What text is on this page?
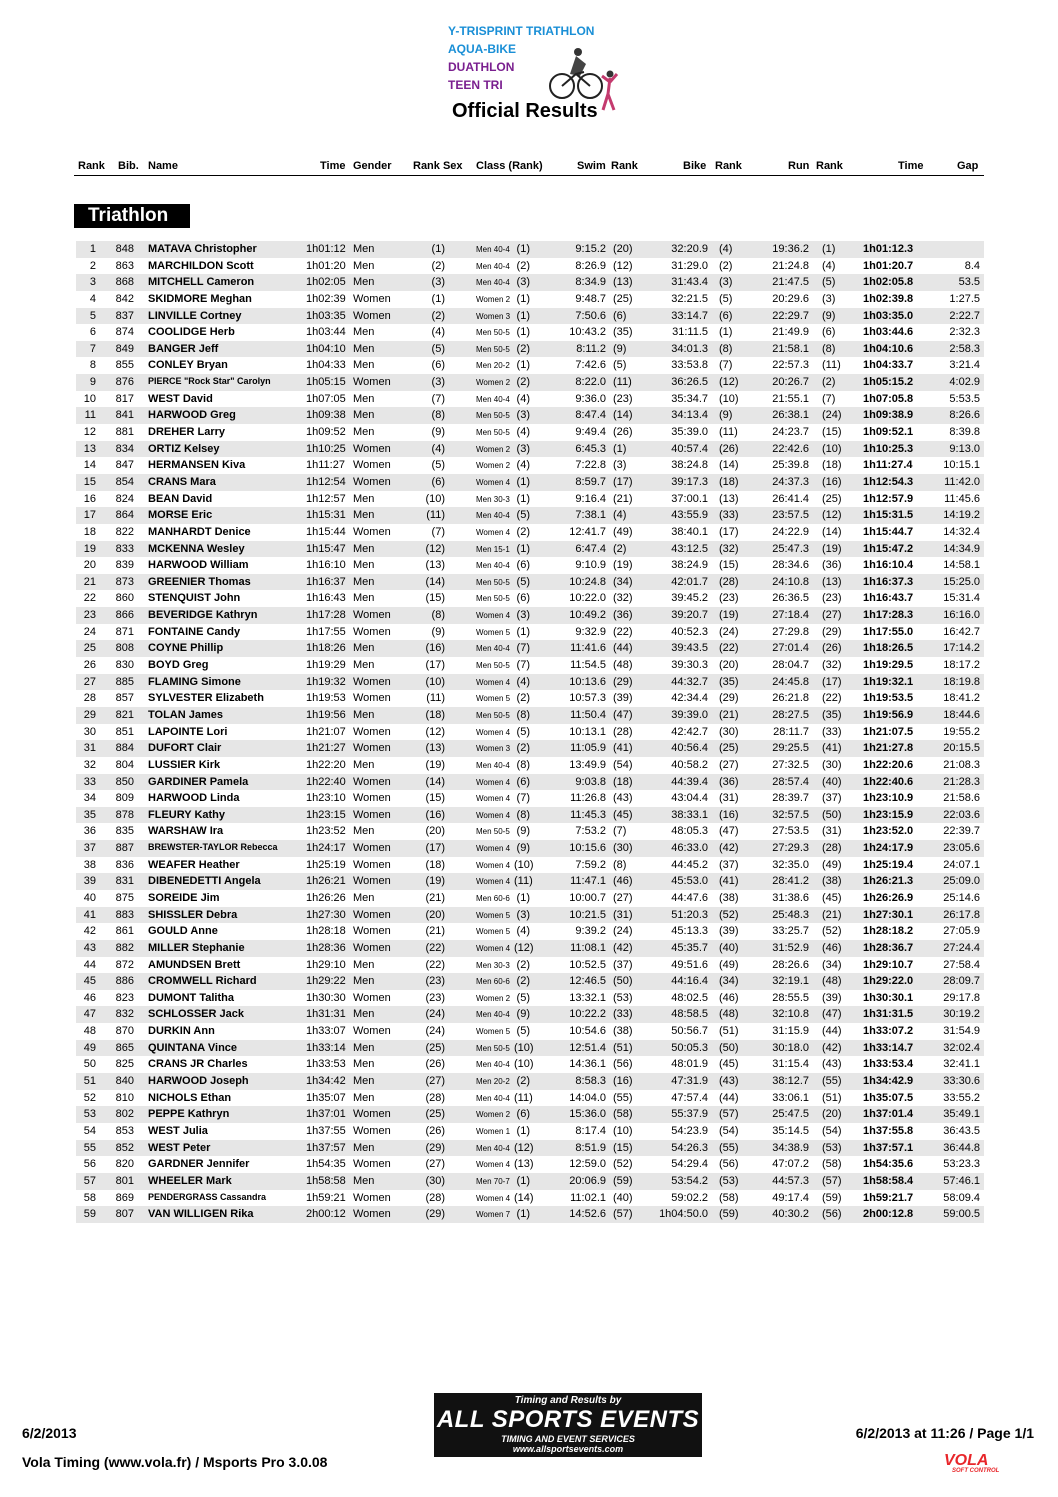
Y-TRISPRINT TRIATHLON
AQUA-BIKE
DUATHLON
TEEN TRI
Official Results
Rank Bib. Name	Time Gender Rank Sex Class (Rank)	Swim Rank	Bike Rank	Run Rank	Time	Gap
Triathlon
1	848 MATAVA Christopher	1h01:12 Men	(1)	Men 40-4 (1)	9:15.2 (20)	32:20.9 (4)	19:36.2 (1)	1h01:12.3
2	863 MARCHILDON Scott	1h01:20 Men	(2)	Men 40-4 (2)	8:26.9 (12)	31:29.0 (2)	21:24.8 (4)	1h01:20.7	8.4
3	868 MITCHELL Cameron	1h02:05 Men	(3)	Men 40-4 (3)	8:34.9 (13)	31:43.4 (3)	21:47.5 (5)	1h02:05.8	53.5
4	842 SKIDMORE Meghan	1h02:39 Women	(1)	Women 2 (1)	9:48.7 (25)	32:21.5 (5)	20:29.6 (3)	1h02:39.8	1:27.5
5	837 LINVILLE Cortney	1h03:35 Women	(2)	Women 3 (1)	7:50.6 (6)	33:14.7 (6)	22:29.7 (9)	1h03:35.0	2:22.7
6	874 COOLIDGE Herb	1h03:44 Men	(4)	Men 50-5 (1)	10:43.2 (35)	31:11.5 (1)	21:49.9 (6)	1h03:44.6	2:32.3
7	849 BANGER Jeff	1h04:10 Men	(5)	Men 50-5 (2)	8:11.2 (9)	34:01.3 (8)	21:58.1 (8)	1h04:10.6	2:58.3
8	855 CONLEY Bryan	1h04:33 Men	(6)	Men 20-2 (1)	7:42.6 (5)	33:53.8 (7)	22:57.3 (11) 1h04:33.7	3:21.4
9	876 PIERCE "Rock Star" Carolyn	1h05:15 Women	(3)	Women 2 (2)	8:22.0 (11)	36:26.5 (12)	20:26.7 (2)	1h05:15.2	4:02.9
10	817 WEST David	1h07:05 Men	(7)	Men 40-4 (4)	9:36.0 (23)	35:34.7 (10)	21:55.1 (7)	1h07:05.8	5:53.5
11	841 HARWOOD Greg	1h09:38 Men	(8)	Men 50-5 (3)	8:47.4 (14)	34:13.4 (9)	26:38.1 (24) 1h09:38.9	8:26.6
12	881 DREHER Larry	1h09:52 Men	(9)	Men 50-5 (4)	9:49.4 (26)	35:39.0 (11)	24:23.7 (15) 1h09:52.1	8:39.8
13	834 ORTIZ Kelsey	1h10:25 Women	(4)	Women 2 (3)	6:45.3 (1)	40:57.4 (26)	22:42.6 (10) 1h10:25.3	9:13.0
14	847 HERMANSEN Kiva	1h11:27 Women	(5)	Women 2 (4)	7:22.8 (3)	38:24.8 (14)	25:39.8 (18) 1h11:27.4	10:15.1
15	854 CRANS Mara	1h12:54 Women	(6)	Women 4 (1)	8:59.7 (17)	39:17.3 (18)	24:37.3 (16) 1h12:54.3	11:42.0
16	824 BEAN David	1h12:57 Men	(10)	Men 30-3 (1)	9:16.4 (21)	37:00.1 (13)	26:41.4 (25) 1h12:57.9	11:45.6
17	864 MORSE Eric	1h15:31 Men	(11)	Men 40-4 (5)	7:38.1 (4)	43:55.9 (33)	23:57.5 (12) 1h15:31.5	14:19.2
18	822 MANHARDT Denice	1h15:44 Women	(7)	Women 4 (2)	12:41.7 (49)	38:40.1 (17)	24:22.9 (14) 1h15:44.7	14:32.4
19	833 MCKENNA Wesley	1h15:47 Men	(12)	Men 15-1 (1)	6:47.4 (2)	43:12.5 (32)	25:47.3 (19) 1h15:47.2	14:34.9
20	839 HARWOOD William	1h16:10 Men	(13)	Men 40-4 (6)	9:10.9 (19)	38:24.9 (15)	28:34.6 (36) 1h16:10.4	14:58.1
21	873 GREENIER Thomas	1h16:37 Men	(14)	Men 50-5 (5)	10:24.8 (34)	42:01.7 (28)	24:10.8 (13) 1h16:37.3	15:25.0
22	860 STENQUIST John	1h16:43 Men	(15)	Men 50-5 (6)	10:22.0 (32)	39:45.2 (23)	26:36.5 (23) 1h16:43.7	15:31.4
23	866 BEVERIDGE Kathryn	1h17:28 Women	(8)	Women 4 (3)	10:49.2 (36)	39:20.7 (19)	27:18.4 (27) 1h17:28.3	16:16.0
24	871 FONTAINE Candy	1h17:55 Women	(9)	Women 5 (1)	9:32.9 (22)	40:52.3 (24)	27:29.8 (29) 1h17:55.0	16:42.7
25	808 COYNE Phillip	1h18:26 Men	(16)	Men 40-4 (7)	11:41.6 (44)	39:43.5 (22)	27:01.4 (26) 1h18:26.5	17:14.2
26	830 BOYD Greg	1h19:29 Men	(17)	Men 50-5 (7)	11:54.5 (48)	39:30.3 (20)	28:04.7 (32) 1h19:29.5	18:17.2
27	885 FLAMING Simone	1h19:32 Women	(10)	Women 4 (4)	10:13.6 (29)	44:32.7 (35)	24:45.8 (17) 1h19:32.1	18:19.8
28	857 SYLVESTER Elizabeth	1h19:53 Women	(11)	Women 5 (2)	10:57.3 (39)	42:34.4 (29)	26:21.8 (22) 1h19:53.5	18:41.2
29	821 TOLAN James	1h19:56 Men	(18)	Men 50-5 (8)	11:50.4 (47)	39:39.0 (21)	28:27.5 (35) 1h19:56.9	18:44.6
30	851 LAPOINTE Lori	1h21:07 Women	(12)	Women 4 (5)	10:13.1 (28)	42:42.7 (30)	28:11.7 (33) 1h21:07.5	19:55.2
31	884 DUFORT Clair	1h21:27 Women	(13)	Women 3 (2)	11:05.9 (41)	40:56.4 (25)	29:25.5 (41) 1h21:27.8	20:15.5
32	804 LUSSIER Kirk	1h22:20 Men	(19)	Men 40-4 (8)	13:49.9 (54)	40:58.2 (27)	27:32.5 (30) 1h22:20.6	21:08.3
33	850 GARDINER Pamela	1h22:40 Women	(14)	Women 4 (6)	9:03.8 (18)	44:39.4 (36)	28:57.4 (40) 1h22:40.6	21:28.3
34	809 HARWOOD Linda	1h23:10 Women	(15)	Women 4 (7)	11:26.8 (43)	43:04.4 (31)	28:39.7 (37) 1h23:10.9	21:58.6
35	878 FLEURY Kathy	1h23:15 Women	(16)	Women 4 (8)	11:45.3 (45)	38:33.1 (16)	32:57.5 (50) 1h23:15.9	22:03.6
36	835 WARSHAW Ira	1h23:52 Men	(20)	Men 50-5 (9)	7:53.2 (7)	48:05.3 (47)	27:53.5 (31) 1h23:52.0	22:39.7
37	887 BREWSTER-TAYLOR Rebecca	1h24:17 Women	(17)	Women 4 (9)	10:15.6 (30)	46:33.0 (42)	27:29.3 (28) 1h24:17.9	23:05.6
38	836 WEAFER Heather	1h25:19 Women	(18)	Women 4 (10)	7:59.2 (8)	44:45.2 (37)	32:35.0 (49) 1h25:19.4	24:07.1
39	831 DIBENEDETTI Angela	1h26:21 Women	(19)	Women 4 (11)	11:47.1 (46)	45:53.0 (41)	28:41.2 (38) 1h26:21.3	25:09.0
40	875 SOREIDE Jim	1h26:26 Men	(21)	Men 60-6 (1)	10:00.7 (27)	44:47.6 (38)	31:38.6 (45) 1h26:26.9	25:14.6
41	883 SHISSLER Debra	1h27:30 Women	(20)	Women 5 (3)	10:21.5 (31)	51:20.3 (52)	25:48.3 (21) 1h27:30.1	26:17.8
42	861 GOULD Anne	1h28:18 Women	(21)	Women 5 (4)	9:39.2 (24)	45:13.3 (39)	33:25.7 (52) 1h28:18.2	27:05.9
43	882 MILLER Stephanie	1h28:36 Women	(22)	Women 4 (12)	11:08.1 (42)	45:35.7 (40)	31:52.9 (46) 1h28:36.7	27:24.4
44	872 AMUNDSEN Brett	1h29:10 Men	(22)	Men 30-3 (2)	10:52.5 (37)	49:51.6 (49)	28:26.6 (34) 1h29:10.7	27:58.4
45	886 CROMWELL Richard	1h29:22 Men	(23)	Men 60-6 (2)	12:46.5 (50)	44:16.4 (34)	32:19.1 (48) 1h29:22.0	28:09.7
46	823 DUMONT Talitha	1h30:30 Women	(23)	Women 2 (5)	13:32.1 (53)	48:02.5 (46)	28:55.5 (39) 1h30:30.1	29:17.8
47	832 SCHLOSSER Jack	1h31:31 Men	(24)	Men 40-4 (9)	10:22.2 (33)	48:58.5 (48)	32:10.8 (47) 1h31:31.5	30:19.2
48	870 DURKIN Ann	1h33:07 Women	(24)	Women 5 (5)	10:54.6 (38)	50:56.7 (51)	31:15.9 (44) 1h33:07.2	31:54.9
49	865 QUINTANA Vince	1h33:14 Men	(25)	Men 50-5 (10)	12:51.4 (51)	50:05.3 (50)	30:18.0 (42) 1h33:14.7	32:02.4
50	825 CRANS JR Charles	1h33:53 Men	(26)	Men 40-4 (10)	14:36.1 (56)	48:01.9 (45)	31:15.4 (43) 1h33:53.4	32:41.1
51	840 HARWOOD Joseph	1h34:42 Men	(27)	Men 20-2 (2)	8:58.3 (16)	47:31.9 (43)	38:12.7 (55) 1h34:42.9	33:30.6
52	810 NICHOLS Ethan	1h35:07 Men	(28)	Men 40-4 (11)	14:04.0 (55)	47:57.4 (44)	33:06.1 (51) 1h35:07.5	33:55.2
53	802 PEPPE Kathryn	1h37:01 Women	(25)	Women 2 (6)	15:36.0 (58)	55:37.9 (57)	25:47.5 (20) 1h37:01.4	35:49.1
54	853 WEST Julia	1h37:55 Women	(26)	Women 1 (1)	8:17.4 (10)	54:23.9 (54)	35:14.5 (54) 1h37:55.8	36:43.5
55	852 WEST Peter	1h37:57 Men	(29)	Men 40-4 (12)	8:51.9 (15)	54:26.3 (55)	34:38.9 (53) 1h37:57.1	36:44.8
56	820 GARDNER Jennifer	1h54:35 Women	(27)	Women 4 (13)	12:59.0 (52)	54:29.4 (56)	47:07.2 (58) 1h54:35.6	53:23.3
57	801 WHEELER Mark	1h58:58 Men	(30)	Men 70-7 (1)	20:06.9 (59)	53:54.2 (53)	44:57.3 (57) 1h58:58.4	57:46.1
58	869 PENDERGRASS Cassandra	1h59:21 Women	(28)	Women 4 (14)	11:02.1 (40)	59:02.2 (58)	49:17.4 (59) 1h59:21.7	58:09.4
59	807 VAN WILLIGEN Rika	2h00:12 Women	(29)	Women 7 (1)	14:52.6 (57) 1h04:50.0 (59)	40:30.2 (56) 2h00:12.8	59:00.5
6/2/2013
Vola Timing (www.vola.fr) / Msports Pro 3.0.08
6/2/2013 at 11:26 / Page 1/1
Timing and Results by
ALL SPORTS EVENTS
TIMING AND EVENT SERVICES
www.allsportsevents.com
VOLA
SOFT CONTROL
